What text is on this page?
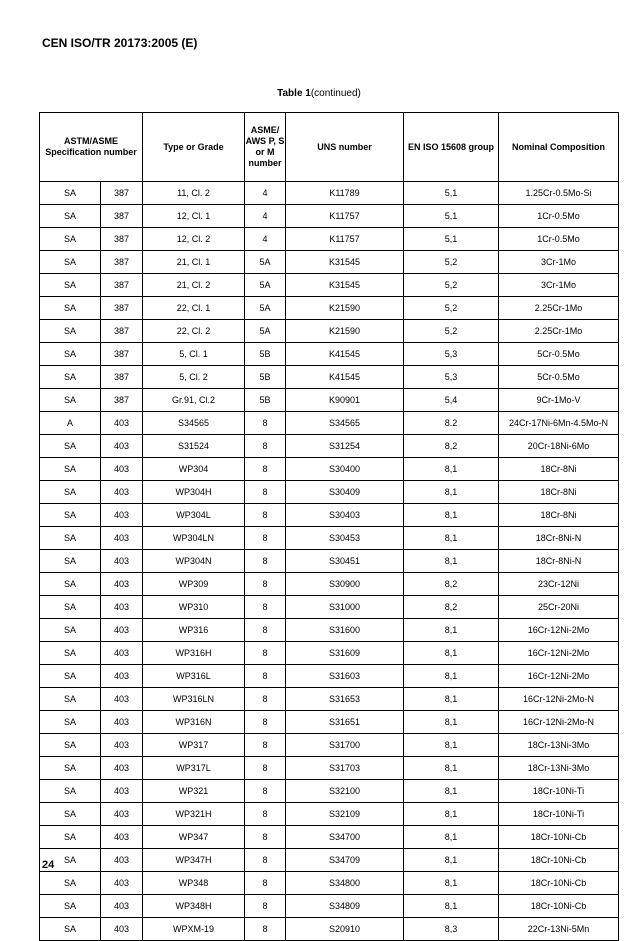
CEN ISO/TR 20173:2005 (E)
Table 1(continued)
ASTM/ASME Specification number		Type or Grade	ASME/ AWS P, S or M number	UNS number	EN ISO 15608 group	Nominal Composition
SA	387	11, Cl. 2	4	K11789	5,1	1.25Cr-0.5Mo-Si
SA	387	12, Cl. 1	4	K11757	5,1	1Cr-0.5Mo
SA	387	12, Cl. 2	4	K11757	5,1	1Cr-0.5Mo
SA	387	21, Cl. 1	5A	K31545	5,2	3Cr-1Mo
SA	387	21, Cl. 2	5A	K31545	5,2	3Cr-1Mo
SA	387	22, Cl. 1	5A	K21590	5,2	2.25Cr-1Mo
SA	387	22, Cl. 2	5A	K21590	5,2	2.25Cr-1Mo
SA	387	5, Cl. 1	5B	K41545	5,3	5Cr-0.5Mo
SA	387	5, Cl. 2	5B	K41545	5,3	5Cr-0.5Mo
SA	387	Gr.91, Cl.2	5B	K90901	5,4	9Cr-1Mo-V
A	403	S34565	8	S34565	8.2	24Cr-17Ni-6Mn-4.5Mo-N
SA	403	S31524	8	S31254	8,2	20Cr-18Ni-6Mo
SA	403	WP304	8	S30400	8,1	18Cr-8Ni
SA	403	WP304H	8	S30409	8,1	18Cr-8Ni
SA	403	WP304L	8	S30403	8,1	18Cr-8Ni
SA	403	WP304LN	8	S30453	8,1	18Cr-8Ni-N
SA	403	WP304N	8	S30451	8,1	18Cr-8Ni-N
SA	403	WP309	8	S30900	8,2	23Cr-12Ni
SA	403	WP310	8	S31000	8,2	25Cr-20Ni
SA	403	WP316	8	S31600	8,1	16Cr-12Ni-2Mo
SA	403	WP316H	8	S31609	8,1	16Cr-12Ni-2Mo
SA	403	WP316L	8	S31603	8,1	16Cr-12Ni-2Mo
SA	403	WP316LN	8	S31653	8,1	16Cr-12Ni-2Mo-N
SA	403	WP316N	8	S31651	8,1	16Cr-12Ni-2Mo-N
SA	403	WP317	8	S31700	8,1	18Cr-13Ni-3Mo
SA	403	WP317L	8	S31703	8,1	18Cr-13Ni-3Mo
SA	403	WP321	8	S32100	8,1	18Cr-10Ni-Ti
SA	403	WP321H	8	S32109	8,1	18Cr-10Ni-Ti
SA	403	WP347	8	S34700	8,1	18Cr-10Ni-Cb
SA	403	WP347H	8	S34709	8,1	18Cr-10Ni-Cb
SA	403	WP348	8	S34800	8,1	18Cr-10Ni-Cb
SA	403	WP348H	8	S34809	8,1	18Cr-10Ni-Cb
SA	403	WPXM-19	8	S20910	8,3	22Cr-13Ni-5Mn
24
